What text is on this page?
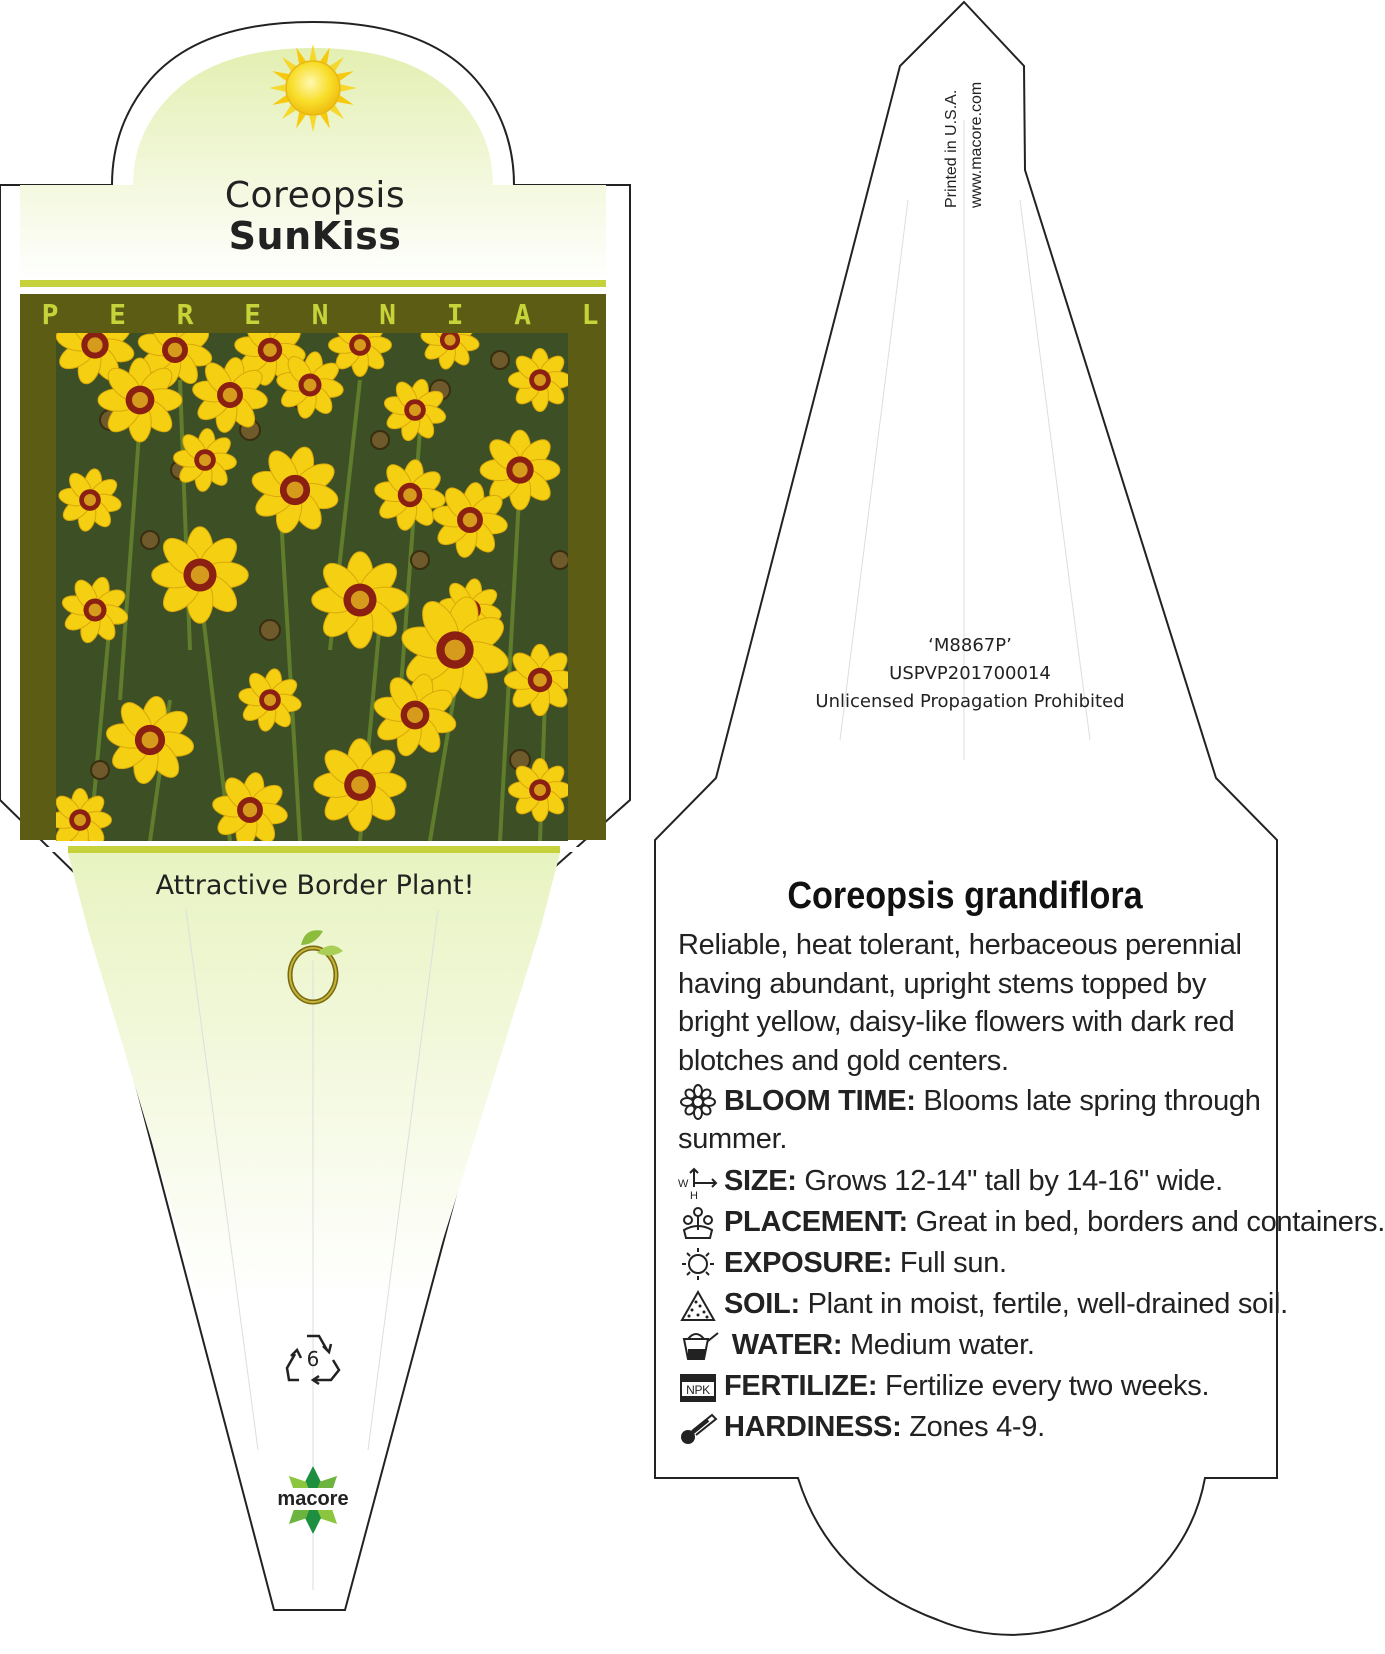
Coreopsis
SunKiss
P E R E N N I A L
Attractive Border Plant!
6
macore
Printed in U.S.A. www.macore.com
‘M8867P’
USPVP201700014
Unlicensed Propagation Prohibited
Coreopsis grandiflora
Reliable, heat tolerant, herbaceous perennial having abundant, upright stems topped by bright yellow, daisy-like flowers with dark red blotches and gold centers.
BLOOM TIME: Blooms late spring through
summer.
W
H SIZE: Grows 12-14" tall by 14-16" wide.
PLACEMENT: Great in bed, borders and containers.
EXPOSURE: Full sun.
SOIL: Plant in moist, fertile, well-drained soil.
WATER: Medium water.
NPK FERTILIZE: Fertilize every two weeks.
HARDINESS: Zones 4-9.
